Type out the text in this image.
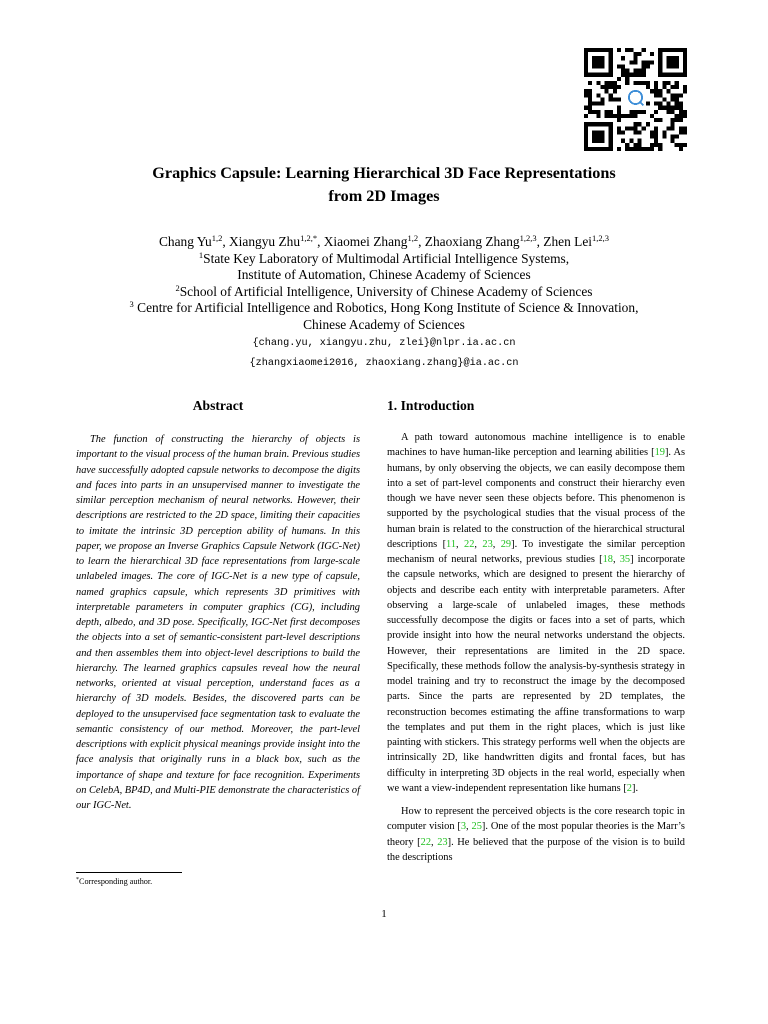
Graphics Capsule: Learning Hierarchical 3D Face Representations
from 2D Images
Chang Yu$^{1,2}$, Xiangyu Zhu$^{1,2,*}$, Xiaomei Zhang$^{1,2}$, Zhaoxiang Zhang$^{1,2,3}$, Zhen Lei$^{1,2,3}$
$^1$State Key Laboratory of Multimodal Artificial Intelligence Systems,
Institute of Automation, Chinese Academy of Sciences
$^2$School of Artificial Intelligence, University of Chinese Academy of Sciences
$^3$ Centre for Artificial Intelligence and Robotics, Hong Kong Institute of Science & Innovation,
Chinese Academy of Sciences
{chang.yu, xiangyu.zhu, zlei}@nlpr.ia.ac.cn
{zhangxiaomei2016, zhaoxiang.zhang}@ia.ac.cn
Abstract

The function of constructing the hierarchy of objects is important to the visual process of the human brain. Previous studies have successfully adopted capsule networks to decompose the digits and faces into parts in an unsupervised manner to investigate the similar perception mechanism of neural networks. However, their descriptions are restricted to the 2D space, limiting their capacities to imitate the intrinsic 3D perception ability of humans. In this paper, we propose an Inverse Graphics Capsule Network (IGC-Net) to learn the hierarchical 3D face representations from large-scale unlabeled images. The core of IGC-Net is a new type of capsule, named graphics capsule, which represents 3D primitives with interpretable parameters in computer graphics (CG), including depth, albedo, and 3D pose. Specifically, IGC-Net first decomposes the objects into a set of semantic-consistent part-level descriptions and then assembles them into object-level descriptions to build the hierarchy. The learned graphics capsules reveal how the neural networks, oriented at visual perception, understand faces as a hierarchy of 3D models. Besides, the discovered parts can be deployed to the unsupervised face segmentation task to evaluate the semantic consistency of our method. Moreover, the part-level descriptions with explicit physical meanings provide insight into the face analysis that originally runs in a black box, such as the importance of shape and texture for face recognition. Experiments on CelebA, BP4D, and Multi-PIE demonstrate the characteristics of our IGC-Net.

1. Introduction

A path toward autonomous machine intelligence is to enable machines to have human-like perception and learning abilities [19]. As humans, by only observing the objects, we can easily decompose them into a set of part-level components and construct their hierarchy even though we have never seen these objects before. This phenomenon is supported by the psychological studies that the visual process of the human brain is related to the construction of the hierarchical structural descriptions [11, 22, 23, 29]. To investigate the similar perception mechanism of neural networks, previous studies [18, 35] incorporate the capsule networks, which are designed to present the hierarchy of objects and describe each entity with interpretable parameters. After observing a large-scale of unlabeled images, these methods successfully decompose the digits or faces into a set of parts, which provide insight into how the neural networks understand the objects. However, their representations are limited in the 2D space. Specifically, these methods follow the analysis-by-synthesis strategy in model training and try to reconstruct the image by the decomposed parts. Since the parts are represented by 2D templates, the reconstruction becomes estimating the affine transformations to warp the templates and put them in the right places, which is just like painting with stickers. This strategy performs well when the objects are intrinsically 2D, like handwritten digits and frontal faces, but has difficulty in interpreting 3D objects in the real world, especially when we want a view-independent representation like humans [2].

How to represent the perceived objects is the core research topic in computer vision [3, 25]. One of the most popular theories is the Marr’s theory [22, 23]. He believed that the purpose of the vision is to build the descriptions

*Corresponding author.
1
